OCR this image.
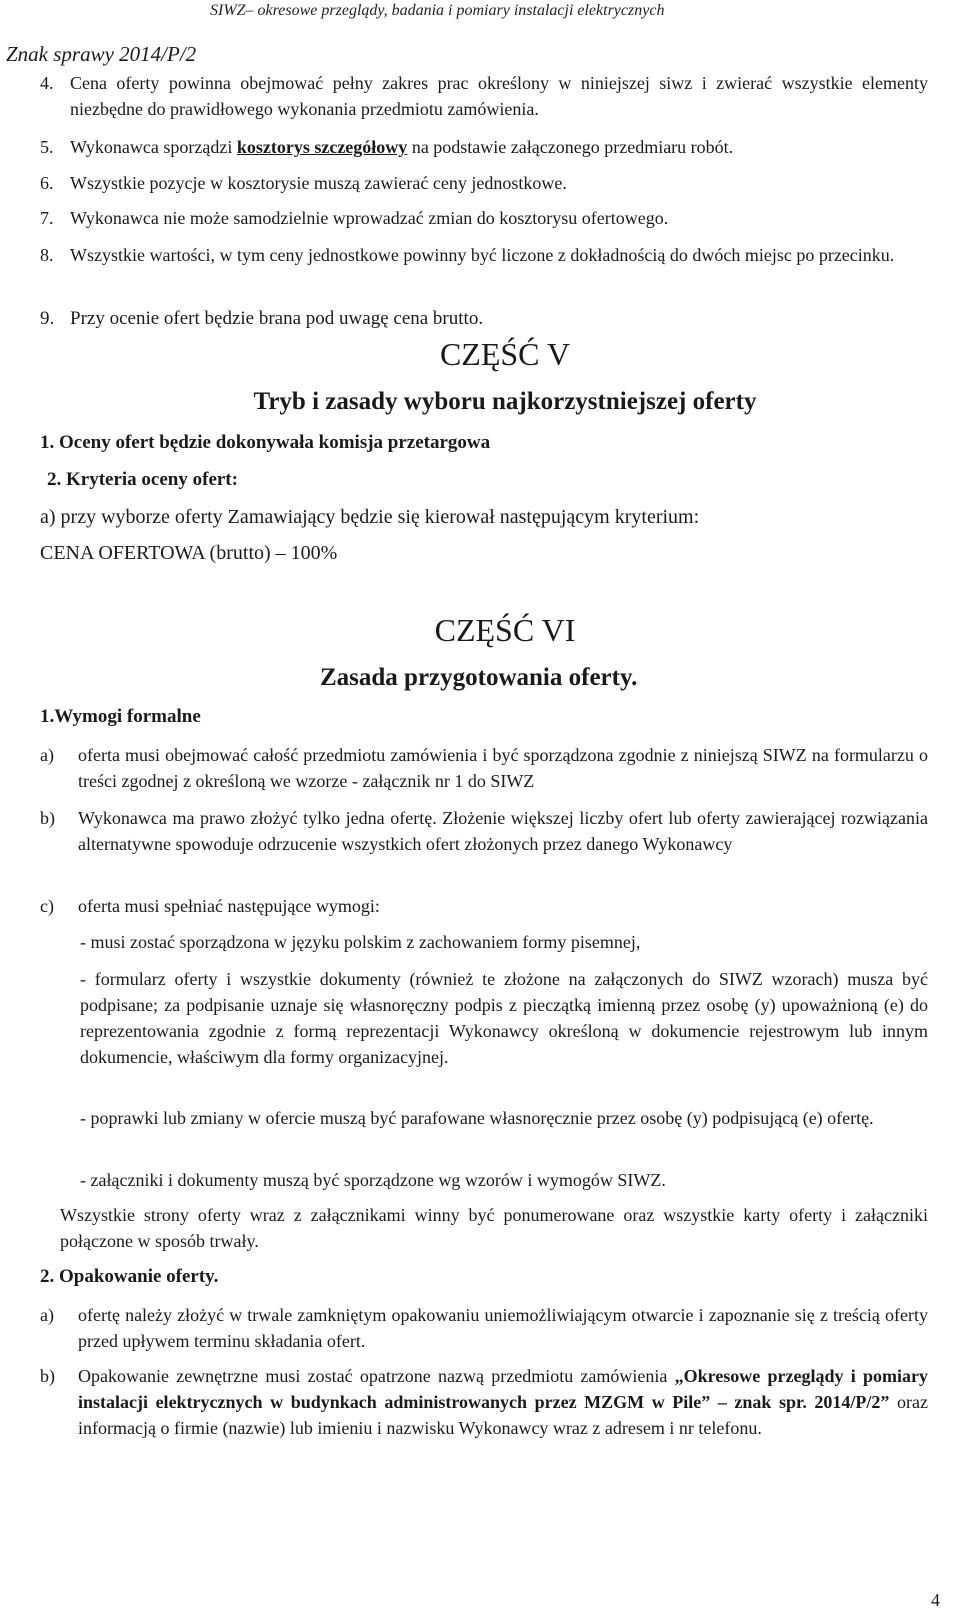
SIWZ– okresowe przeglądy, badania i pomiary instalacji elektrycznych
Znak sprawy 2014/P/2
4. Cena oferty powinna obejmować pełny zakres prac określony w niniejszej siwz i zwierać wszystkie elementy niezbędne do prawidłowego wykonania przedmiotu zamówienia.
5. Wykonawca sporządzi kosztorys szczegółowy na podstawie załączonego przedmiaru robót.
6. Wszystkie pozycje w kosztorysie muszą zawierać ceny jednostkowe.
7. Wykonawca nie może samodzielnie wprowadzać zmian do kosztorysu ofertowego.
8. Wszystkie wartości, w tym ceny jednostkowe powinny być liczone z dokładnością do dwóch miejsc po przecinku.
9. Przy ocenie ofert będzie brana pod uwagę cena brutto.
CZĘŚĆ V
Tryb i zasady wyboru najkorzystniejszej oferty
1. Oceny ofert będzie dokonywała komisja przetargowa
2. Kryteria oceny ofert:
a) przy wyborze oferty Zamawiający będzie się kierował następującym kryterium:
CENA OFERTOWA (brutto) – 100%
CZĘŚĆ VI
Zasada przygotowania oferty.
1.Wymogi formalne
a) oferta musi obejmować całość przedmiotu zamówienia i być sporządzona zgodnie z niniejszą SIWZ na formularzu o treści zgodnej z określoną we wzorze - załącznik nr 1 do SIWZ
b) Wykonawca ma prawo złożyć tylko jedna ofertę. Złożenie większej liczby ofert lub oferty zawierającej rozwiązania alternatywne spowoduje odrzucenie wszystkich ofert złożonych przez danego Wykonawcy
c) oferta musi spełniać następujące wymogi:
- musi zostać sporządzona w języku polskim z zachowaniem formy pisemnej,
- formularz oferty i wszystkie dokumenty (również te złożone na załączonych do SIWZ wzorach) musza być podpisane; za podpisanie uznaje się własnoręczny podpis z pieczątką imienną przez osobę (y) upoważnioną (e) do reprezentowania zgodnie z formą reprezentacji Wykonawcy określoną w dokumencie rejestrowym lub innym dokumencie, właściwym dla formy organizacyjnej.
- poprawki lub zmiany w ofercie muszą być parafowane własnoręcznie przez osobę (y) podpisującą (e) ofertę.
- załączniki i dokumenty muszą być sporządzone wg wzorów i wymogów SIWZ.
Wszystkie strony oferty wraz z załącznikami winny być ponumerowane oraz wszystkie karty oferty i załączniki połączone w sposób trwały.
2. Opakowanie oferty.
a) ofertę należy złożyć w trwale zamkniętym opakowaniu uniemożliwiającym otwarcie i zapoznanie się z treścią oferty przed upływem terminu składania ofert.
b) Opakowanie zewnętrzne musi zostać opatrzone nazwą przedmiotu zamówienia „Okresowe przeglądy i pomiary instalacji elektrycznych w budynkach administrowanych przez MZGM w Pile” – znak spr. 2014/P/2” oraz informacją o firmie (nazwie) lub imieniu i nazwisku Wykonawcy wraz z adresem i nr telefonu.
4
